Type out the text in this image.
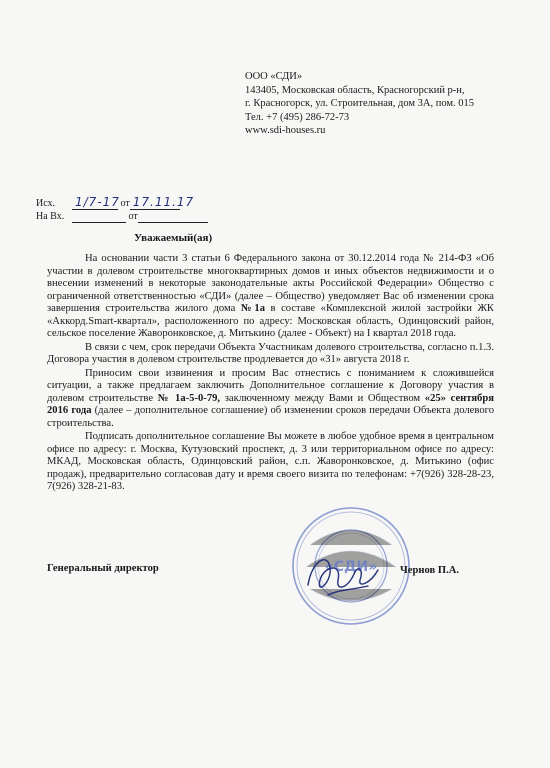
ООО «СДИ»
143405, Московская область, Красногорский р-н,
г. Красногорск, ул. Строительная, дом 3А, пом. 015
Тел. +7 (495) 286-72-73
www.sdi-houses.ru
Исх. 1/7-17 от 17.11.17
На Вх.	от
Уважаемый(ая)

На основании части 3 статьи 6 Федерального закона от 30.12.2014 года № 214-ФЗ «Об участии в долевом строительстве многоквартирных домов и иных объектов недвижимости и о внесении изменений в некоторые законодательные акты Российской Федерации» Общество с ограниченной ответственностью «СДИ» (далее – Общество) уведомляет Вас об изменении срока завершения строительства жилого дома №1а в составе «Комплексной жилой застройки ЖК «Аккорд.Smart-квартал», расположенного по адресу: Московская область, Одинцовский район, сельское поселение Жаворонковское, д. Митькино (далее - Объект) на I квартал 2018 года.

В связи с чем, срок передачи Объекта Участникам долевого строительства, согласно п.1.3. Договора участия в долевом строительстве продлевается до «31» августа 2018 г.

Приносим свои извинения и просим Вас отнестись с пониманием к сложившейся ситуации, а также предлагаем заключить Дополнительное соглашение к Договору участия в долевом строительстве № 1а-5-0-79, заключенному между Вами и Обществом «25» сентября 2016 года (далее – дополнительное соглашение) об изменении сроков передачи Объекта долевого строительства.

Подписать дополнительное соглашение Вы можете в любое удобное время в центральном офисе по адресу: г. Москва, Кутузовский проспект, д. 3 или территориальном офисе по адресу: МКАД, Московская область, Одинцовский район, с.п. Жаворонковское, д. Митькино (офис продаж), предварительно согласовав дату и время своего визита по телефонам: +7(926) 328-28-23, 7(926) 328-21-83.

Генеральный директор	«СДИ» Чернов П.А.
